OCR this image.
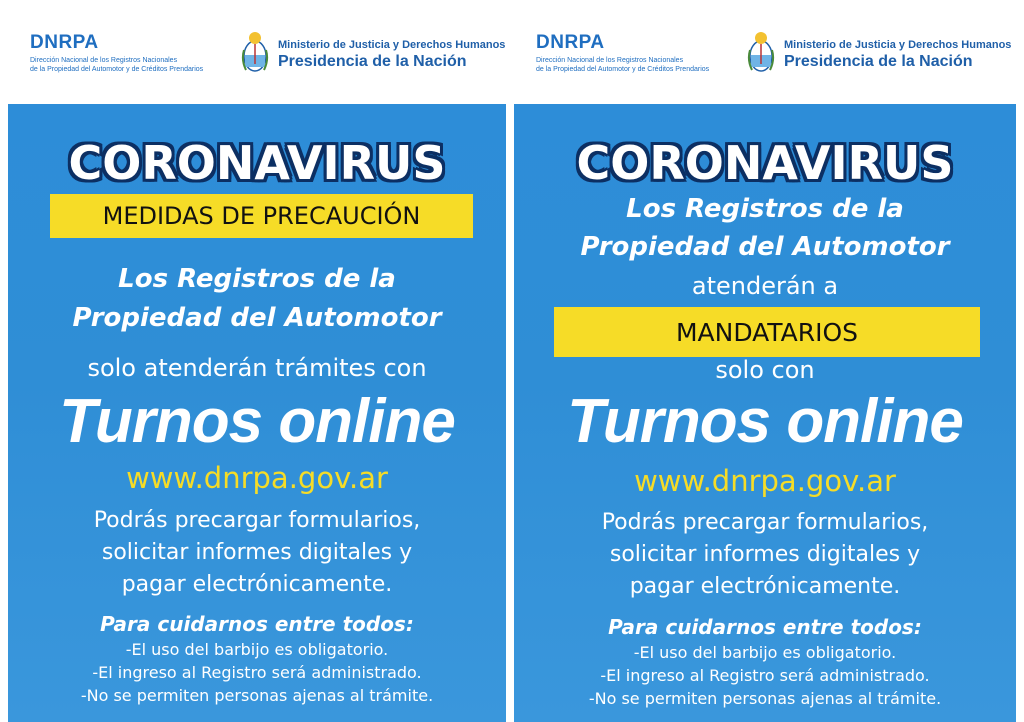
DNRPA
Dirección Nacional de los Registros Nacionales
de la Propiedad del Automotor y de Créditos Prendarios
Ministerio de Justicia y Derechos Humanos
Presidencia de la Nación
CORONAVIRUS
MEDIDAS DE PRECAUCIÓN
Los Registros de la
Propiedad del Automotor
solo atenderán trámites con
Turnos online
www.dnrpa.gov.ar
Podrás precargar formularios,
solicitar informes digitales y
pagar electrónicamente.
Para cuidarnos entre todos:
-El uso del barbijo es obligatorio.
-El ingreso al Registro será administrado.
-No se permiten personas ajenas al trámite.
DNRPA
Dirección Nacional de los Registros Nacionales
de la Propiedad del Automotor y de Créditos Prendarios
Ministerio de Justicia y Derechos Humanos
Presidencia de la Nación
CORONAVIRUS
Los Registros de la
Propiedad del Automotor
atenderán a
MANDATARIOS
solo con
Turnos online
www.dnrpa.gov.ar
Podrás precargar formularios,
solicitar informes digitales y
pagar electrónicamente.
Para cuidarnos entre todos:
-El uso del barbijo es obligatorio.
-El ingreso al Registro será administrado.
-No se permiten personas ajenas al trámite.
